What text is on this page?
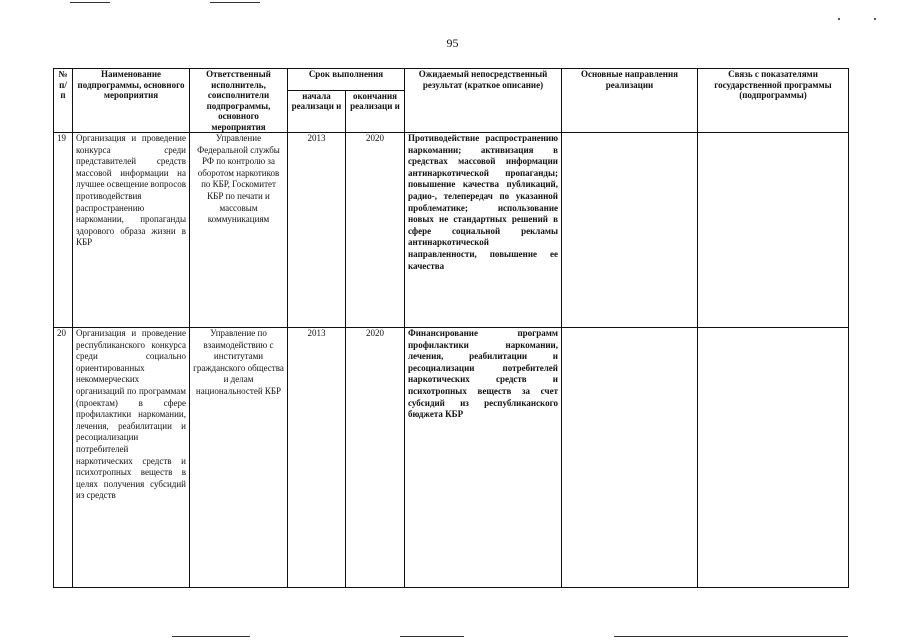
95
№
п/
п	Наименование подпрограммы, основного мероприятия	Ответственный исполнитель, соисполнители подпрограммы, основного мероприятия	Срок выполнения		Ожидаемый непосредственный результат (краткое описание)	Основные направления реализации	Связь с показателями государственной программы (подпрограммы)
			начала реализаци и	окончания реализаци и			
19	Организация и проведение конкурса среди представителей средств массовой информации на лучшее освещение вопросов противодействия распространению наркомании, пропаганды здорового образа жизни в КБР	Управление Федеральной службы РФ по контролю за оборотом наркотиков по КБР, Госкомитет КБР по печати и массовым коммуникациям	2013	2020	Противодействие распространению наркомании; активизация в средствах массовой информации антинаркотической пропаганды; повышение качества публикаций, радио-, телепередач по указанной проблематике; использование новых не стандартных решений в сфере социальной рекламы антинаркотической направленности, повышение ее качества		
20	Организация и проведение республиканского конкурса среди социально ориентированных некоммерческих организаций по программам (проектам) в сфере профилактики наркомании, лечения, реабилитации и ресоциализации потребителей наркотических средств и психотропных веществ в целях получения субсидий из средств	Управление по взаимодействию с институтами гражданского общества и делам национальностей КБР	2013	2020	Финансирование программ профилактики наркомании, лечения, реабилитации и ресоциализации потребителей наркотических средств и психотропных веществ за счет субсидий из республиканского бюджета КБР		
